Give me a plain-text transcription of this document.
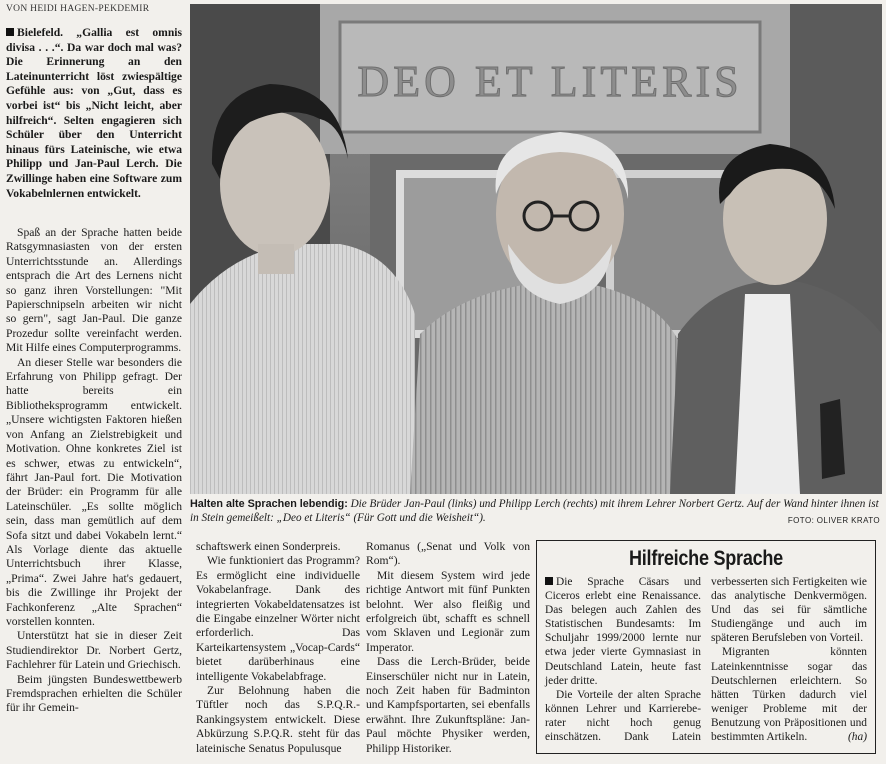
VON HEIDI HAGEN-PEKDEMIR
Bielefeld. „Gallia est omnis divisa . . .“. Da war doch mal was? Die Erinnerung an den Lateinunterricht löst zwiespältige Gefühle aus: von „Gut, dass es vorbei ist“ bis „Nicht leicht, aber hilfreich“. Selten engagieren sich Schüler über den Unterricht hinaus fürs Lateinische, wie etwa Philipp und Jan-Paul Lerch. Die Zwillinge haben eine Software zum Vokabelnlernen entwickelt.

Spaß an der Sprache hatten beide Ratsgymnasiasten von der ersten Unterrichtsstunde an. Allerdings entsprach die Art des Lernens nicht so ganz ihren Vorstellungen: "Mit Papierschnipseln arbeiten wir nicht so gern", sagt Jan-Paul. Die ganze Prozedur sollte vereinfacht werden. Mit Hilfe eines Computerprogramms.

An dieser Stelle war besonders die Erfahrung von Philipp gefragt. Der hatte bereits ein Bibliotheksprogramm entwickelt. „Unsere wichtigsten Faktoren hießen von Anfang an Zielstrebigkeit und Motivation. Ohne konkretes Ziel ist es schwer, etwas zu entwickeln“, fährt Jan-Paul fort. Die Motivation der Brüder: ein Programm für alle Lateinschüler. „Es sollte möglich sein, dass man gemütlich auf dem Sofa sitzt und dabei Vokabeln lernt.“ Als Vorlage diente das aktuelle Unterrichtsbuch ihrer Klasse, „Prima“. Zwei Jahre hat's gedauert, bis die Zwillinge ihr Projekt der Fachkonferenz „Alte Sprachen“ vorstellen konnten.

Unterstützt hat sie in dieser Zeit Studiendirektor Dr. Norbert Gertz, Fachlehrer für Latein und Griechisch.

Beim jüngsten Bundeswettbewerb Fremdsprachen erhielten die Schüler für ihr Gemein-

DEO ET LITERIS
Halten alte Sprachen lebendig: Die Brüder Jan-Paul (links) und Philipp Lerch (rechts) mit ihrem Lehrer Norbert Gertz. Auf der Wand hinter ihnen ist in Stein gemeißelt: „Deo et Literis“ (Für Gott und die Weisheit“).	FOTO: OLIVER KRATO

schaftswerk einen Sonderpreis.

Wie funktioniert das Programm? Es ermöglicht eine individuelle Vokabelanfrage. Dank des integrierten Vokabeldatensatzes ist die Eingabe einzelner Wörter nicht erforderlich. Das Karteikartensystem „Vocap-Cards“ bietet darüberhinaus eine intelligente Vokabelabfrage.

Zur Belohnung haben die Tüftler noch das S.P.Q.R.-Rankingsystem entwickelt. Diese Abkürzung S.P.Q.R. steht für das lateinische Senatus Populusque

Romanus („Senat und Volk von Rom“).

Mit diesem System wird jede richtige Antwort mit fünf Punkten belohnt. Wer also fleißig und erfolgreich übt, schafft es schnell vom Sklaven und Legionär zum Imperator.

Dass die Lerch-Brüder, beide Einserschüler nicht nur in Latein, noch Zeit haben für Badminton und Kampfsportarten, sei ebenfalls erwähnt. Ihre Zukunftspläne: Jan-Paul möchte Physiker werden, Philipp Historiker.

Hilfreiche Sprache

Die Sprache Cäsars und Ciceros erlebt eine Renaissance. Das belegen auch Zahlen des Statistischen Bundesamts: Im Schuljahr 1999/2000 lernte nur etwa jeder vierte Gymnasiast in Deutschland Latein, heute fast jeder dritte.

Die Vorteile der alten Sprache können Lehrer und Karrierebe-rater nicht hoch genug einschätzen. Dank Latein verbesserten sich Fertigkeiten wie das analytische Denkvermögen. Und das sei für sämtliche Studiengänge und auch im späteren Berufsleben von Vorteil.

Migranten könnten Lateinkenntnisse sogar das Deutschlernen erleichtern. So hätten Türken dadurch viel weniger Probleme mit der Benutzung von Präpositionen und bestimmten Artikeln.	(ha)
